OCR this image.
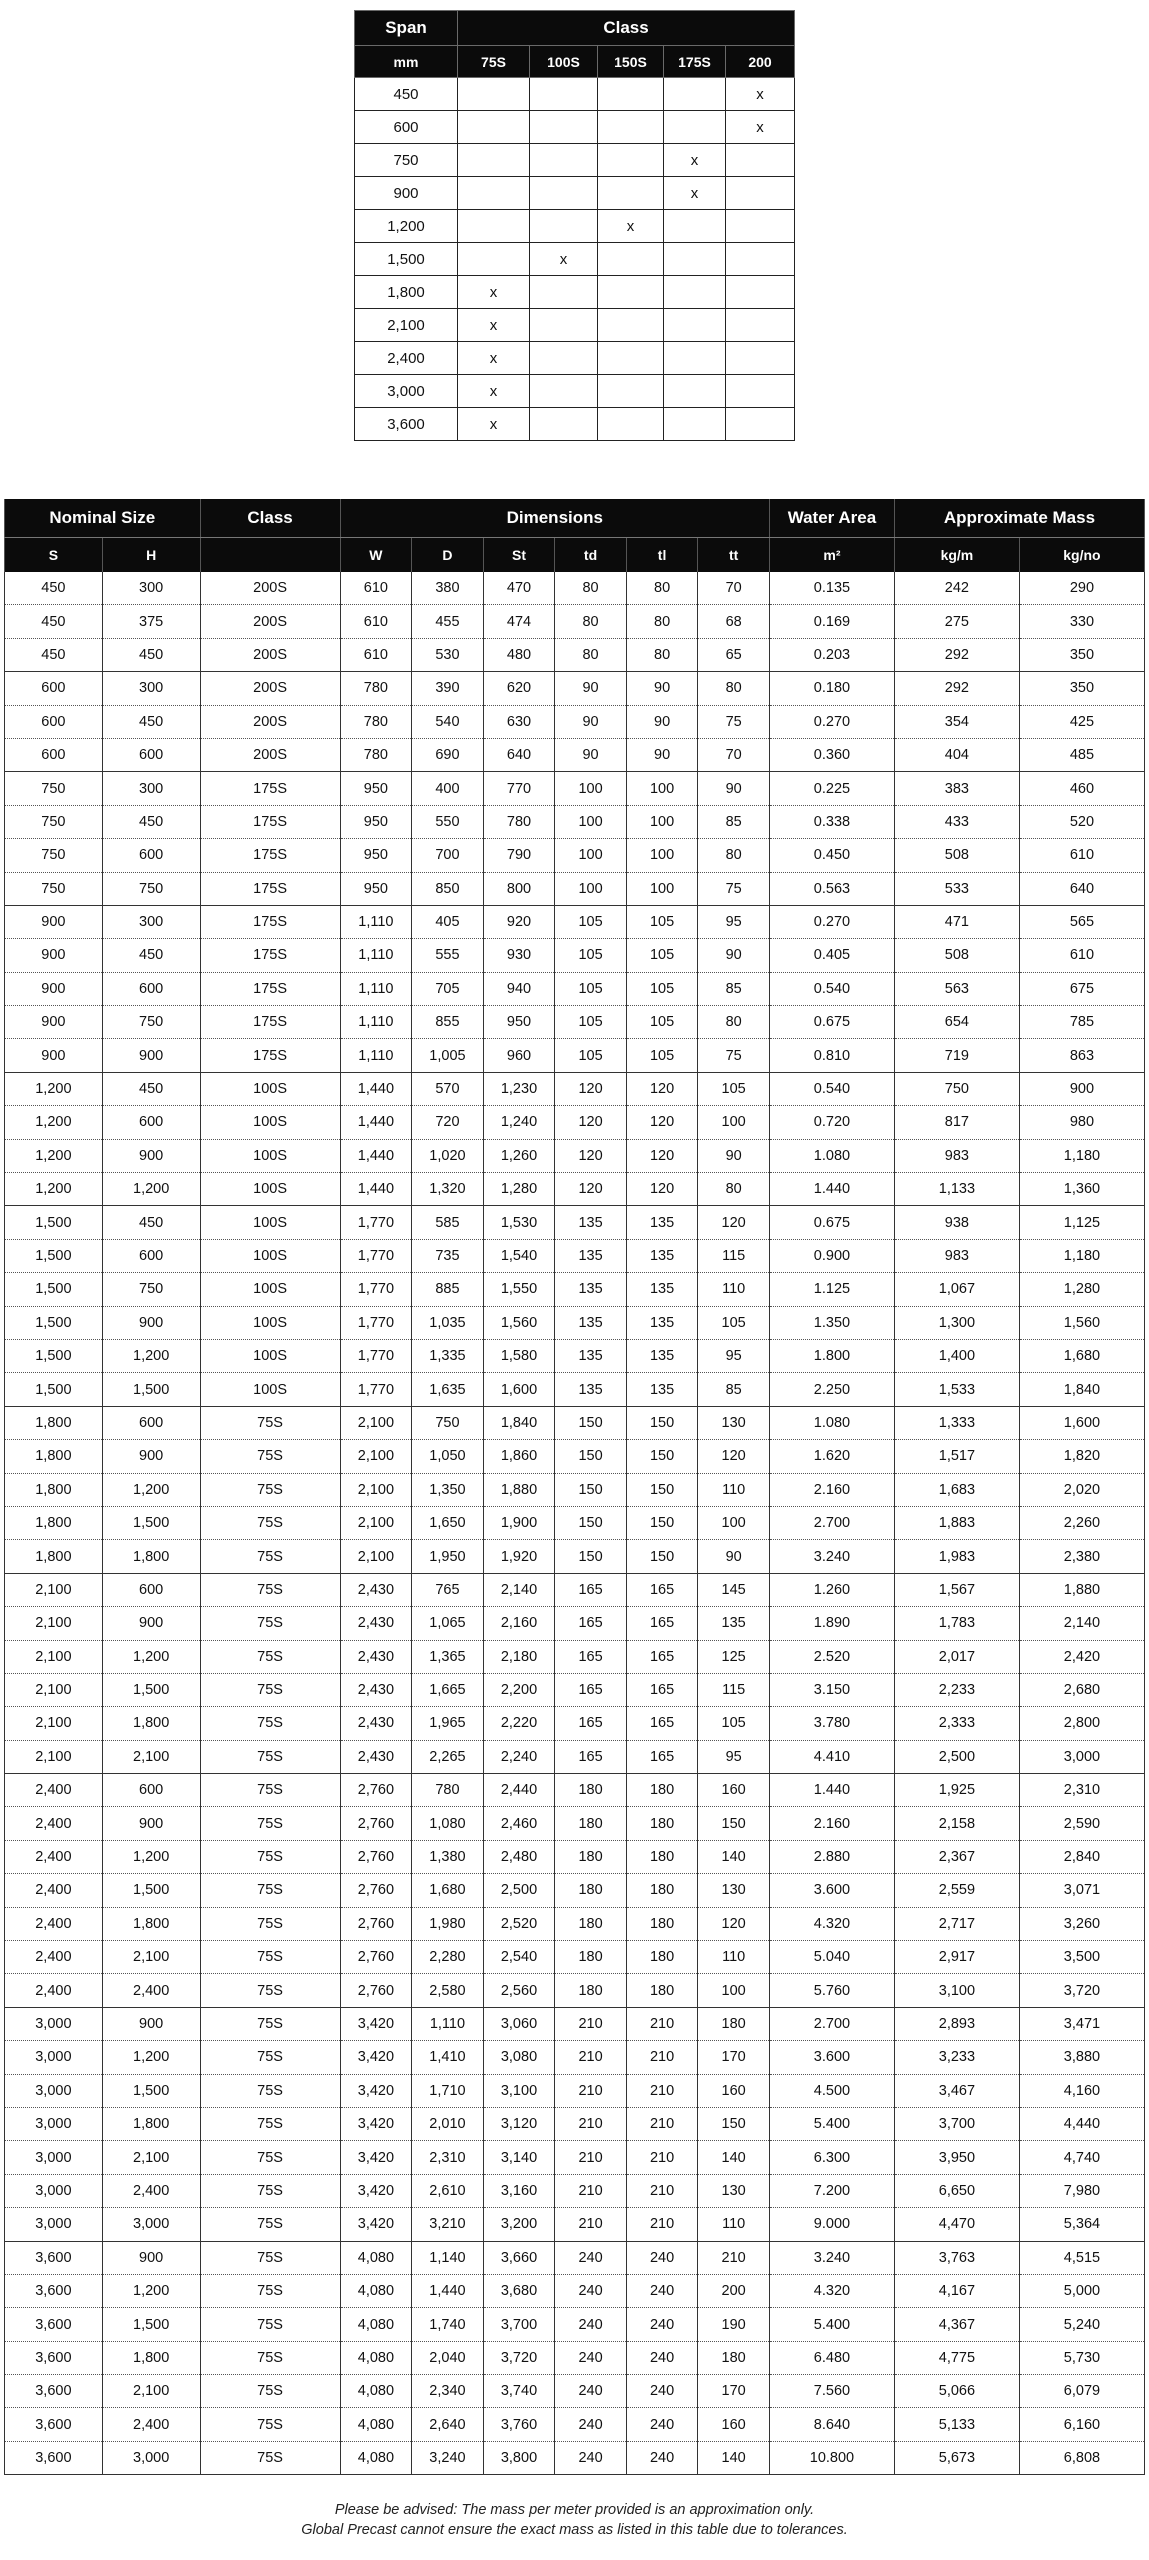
Span	Class				
mm	75S	100S	150S	175S	200
450					x
600					x
750				x	
900				x	
1,200			x		
1,500		x			
1,800	x				
2,100	x				
2,400	x				
3,000	x				
3,600	x				
Nominal Size		Class	Dimensions						Water Area	Approximate Mass	
S	H		W	D	St	td	tl	tt	m²	kg/m	kg/no
450	300	200S	610	380	470	80	80	70	0.135	242	290
450	375	200S	610	455	474	80	80	68	0.169	275	330
450	450	200S	610	530	480	80	80	65	0.203	292	350
600	300	200S	780	390	620	90	90	80	0.180	292	350
600	450	200S	780	540	630	90	90	75	0.270	354	425
600	600	200S	780	690	640	90	90	70	0.360	404	485
750	300	175S	950	400	770	100	100	90	0.225	383	460
750	450	175S	950	550	780	100	100	85	0.338	433	520
750	600	175S	950	700	790	100	100	80	0.450	508	610
750	750	175S	950	850	800	100	100	75	0.563	533	640
900	300	175S	1,110	405	920	105	105	95	0.270	471	565
900	450	175S	1,110	555	930	105	105	90	0.405	508	610
900	600	175S	1,110	705	940	105	105	85	0.540	563	675
900	750	175S	1,110	855	950	105	105	80	0.675	654	785
900	900	175S	1,110	1,005	960	105	105	75	0.810	719	863
1,200	450	100S	1,440	570	1,230	120	120	105	0.540	750	900
1,200	600	100S	1,440	720	1,240	120	120	100	0.720	817	980
1,200	900	100S	1,440	1,020	1,260	120	120	90	1.080	983	1,180
1,200	1,200	100S	1,440	1,320	1,280	120	120	80	1.440	1,133	1,360
1,500	450	100S	1,770	585	1,530	135	135	120	0.675	938	1,125
1,500	600	100S	1,770	735	1,540	135	135	115	0.900	983	1,180
1,500	750	100S	1,770	885	1,550	135	135	110	1.125	1,067	1,280
1,500	900	100S	1,770	1,035	1,560	135	135	105	1.350	1,300	1,560
1,500	1,200	100S	1,770	1,335	1,580	135	135	95	1.800	1,400	1,680
1,500	1,500	100S	1,770	1,635	1,600	135	135	85	2.250	1,533	1,840
1,800	600	75S	2,100	750	1,840	150	150	130	1.080	1,333	1,600
1,800	900	75S	2,100	1,050	1,860	150	150	120	1.620	1,517	1,820
1,800	1,200	75S	2,100	1,350	1,880	150	150	110	2.160	1,683	2,020
1,800	1,500	75S	2,100	1,650	1,900	150	150	100	2.700	1,883	2,260
1,800	1,800	75S	2,100	1,950	1,920	150	150	90	3.240	1,983	2,380
2,100	600	75S	2,430	765	2,140	165	165	145	1.260	1,567	1,880
2,100	900	75S	2,430	1,065	2,160	165	165	135	1.890	1,783	2,140
2,100	1,200	75S	2,430	1,365	2,180	165	165	125	2.520	2,017	2,420
2,100	1,500	75S	2,430	1,665	2,200	165	165	115	3.150	2,233	2,680
2,100	1,800	75S	2,430	1,965	2,220	165	165	105	3.780	2,333	2,800
2,100	2,100	75S	2,430	2,265	2,240	165	165	95	4.410	2,500	3,000
2,400	600	75S	2,760	780	2,440	180	180	160	1.440	1,925	2,310
2,400	900	75S	2,760	1,080	2,460	180	180	150	2.160	2,158	2,590
2,400	1,200	75S	2,760	1,380	2,480	180	180	140	2.880	2,367	2,840
2,400	1,500	75S	2,760	1,680	2,500	180	180	130	3.600	2,559	3,071
2,400	1,800	75S	2,760	1,980	2,520	180	180	120	4.320	2,717	3,260
2,400	2,100	75S	2,760	2,280	2,540	180	180	110	5.040	2,917	3,500
2,400	2,400	75S	2,760	2,580	2,560	180	180	100	5.760	3,100	3,720
3,000	900	75S	3,420	1,110	3,060	210	210	180	2.700	2,893	3,471
3,000	1,200	75S	3,420	1,410	3,080	210	210	170	3.600	3,233	3,880
3,000	1,500	75S	3,420	1,710	3,100	210	210	160	4.500	3,467	4,160
3,000	1,800	75S	3,420	2,010	3,120	210	210	150	5.400	3,700	4,440
3,000	2,100	75S	3,420	2,310	3,140	210	210	140	6.300	3,950	4,740
3,000	2,400	75S	3,420	2,610	3,160	210	210	130	7.200	6,650	7,980
3,000	3,000	75S	3,420	3,210	3,200	210	210	110	9.000	4,470	5,364
3,600	900	75S	4,080	1,140	3,660	240	240	210	3.240	3,763	4,515
3,600	1,200	75S	4,080	1,440	3,680	240	240	200	4.320	4,167	5,000
3,600	1,500	75S	4,080	1,740	3,700	240	240	190	5.400	4,367	5,240
3,600	1,800	75S	4,080	2,040	3,720	240	240	180	6.480	4,775	5,730
3,600	2,100	75S	4,080	2,340	3,740	240	240	170	7.560	5,066	6,079
3,600	2,400	75S	4,080	2,640	3,760	240	240	160	8.640	5,133	6,160
3,600	3,000	75S	4,080	3,240	3,800	240	240	140	10.800	5,673	6,808
Please be advised: The mass per meter provided is an approximation only.
Global Precast cannot ensure the exact mass as listed in this table due to tolerances.
